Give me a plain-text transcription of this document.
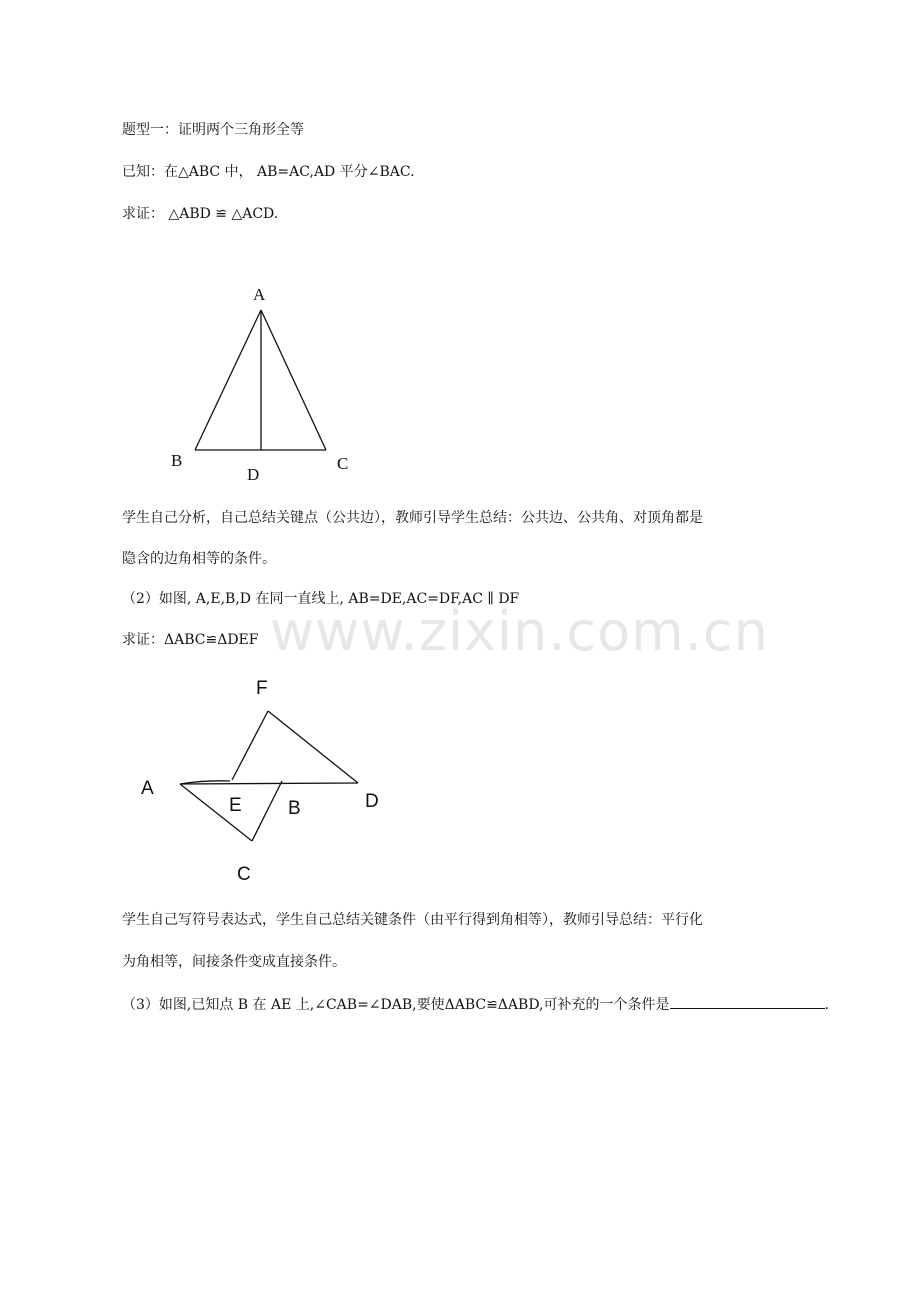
www.zixin.com.cn
题型一：证明两个三角形全等
已知：在△ABC 中， AB=AC,AD 平分∠BAC.
求证： △ABD ≌ △ACD.
A
B
D
C
F
A
E B	D
C
学生自己分析，自己总结关键点（公共边），教师引导学生总结：公共边、公共角、对顶角都是
隐含的边角相等的条件。
（2）如图, A,E,B,D 在同一直线上, AB=DE,AC=DF,AC ∥ DF
求证：ΔABC≌ΔDEF
学生自己写符号表达式，学生自己总结关键条件（由平行得到角相等），教师引导总结：平行化
为角相等，间接条件变成直接条件。
（3）如图,已知点 B 在 AE 上,∠CAB=∠DAB,要使ΔABC≌ΔABD,可补充的一个条件是	.
